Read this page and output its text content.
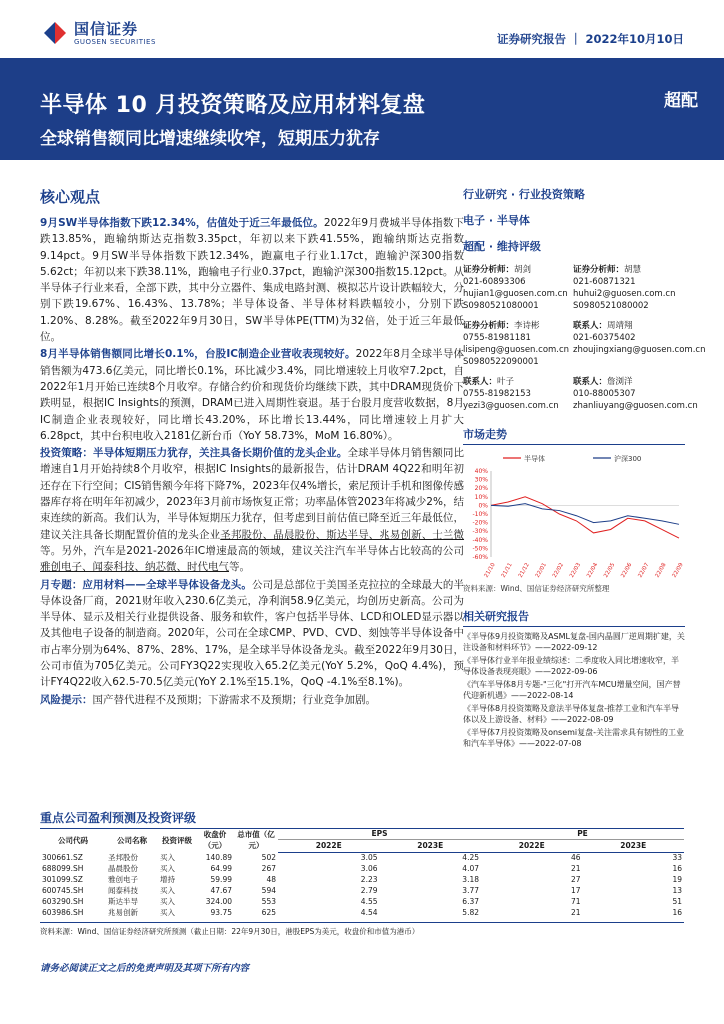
国信证券
GUOSEN SECURITIES	证券研究报告 ｜ 2022年10月10日
半导体 10 月投资策略及应用材料复盘
全球销售额同比增速继续收窄，短期压力犹存
超配
核心观点

9月SW半导体指数下跌12.34%，估值处于近三年最低位。2022年9月费城半导体指数下跌13.85%，跑输纳斯达克指数3.35pct，年初以来下跌41.55%，跑输纳斯达克指数9.14pct。9月SW半导体指数下跌12.34%，跑赢电子行业1.17ct，跑输沪深300指数5.62ct；年初以来下跌38.11%，跑输电子行业0.37pct，跑输沪深300指数15.12pct。从半导体子行业来看，全部下跌，其中分立器件、集成电路封测、模拟芯片设计跌幅较大，分别下跌19.67%、16.43%、13.78%；半导体设备、半导体材料跌幅较小，分别下跌1.20%、8.28%。截至2022年9月30日，SW半导体PE(TTM)为32倍，处于近三年最低位。

8月半导体销售额同比增长0.1%，台股IC制造企业营收表现较好。2022年8月全球半导体销售额为473.6亿美元，同比增长0.1%，环比减少3.4%，同比增速较上月收窄7.2pct，自2022年1月开始已连续8个月收窄。存储合约价和现货价均继续下跌，其中DRAM现货价下跌明显，根据IC Insights的预测，DRAM已进入周期性衰退。基于台股月度营收数据，8月IC制造企业表现较好，同比增长43.20%，环比增长13.44%，同比增速较上月扩大6.28pct，其中台积电收入2181亿新台币（YoY 58.73%，MoM 16.80%）。

投资策略：半导体短期压力犹存，关注具备长期价值的龙头企业。全球半导体月销售额同比增速自1月开始持续8个月收窄，根据IC Insights的最新报告，估计DRAM 4Q22和明年初还存在下行空间；CIS销售额今年将下降7%，2023年仅4%增长，索尼预计手机和图像传感器库存将在明年年初减少，2023年3月前市场恢复正常；功率晶体管2023年将减少2%，结束连续的新高。我们认为，半导体短期压力犹存，但考虑到目前估值已降至近三年最低位，建议关注具备长期配置价值的龙头企业圣邦股份、晶晨股份、斯达半导、兆易创新、士兰微等。另外，汽车是2021-2026年IC增速最高的领域，建议关注汽车半导体占比较高的公司雅创电子、闻泰科技、纳芯微、时代电气等。

月专题：应用材料——全球半导体设备龙头。公司是总部位于美国圣克拉拉的全球最大的半导体设备厂商，2021财年收入230.6亿美元，净利润58.9亿美元，均创历史新高。公司为半导体、显示及相关行业提供设备、服务和软件，客户包括半导体、LCD和OLED显示器以及其他电子设备的制造商。2020年，公司在全球CMP、PVD、CVD、刻蚀等半导体设备中市占率分别为64%、87%、28%、17%，是全球半导体设备龙头。截至2022年9月30日，公司市值为705亿美元。公司FY3Q22实现收入65.2亿美元(YoY 5.2%，QoQ 4.4%)，预计FY4Q22收入62.5-70.5亿美元(YoY 2.1%至15.1%，QoQ -4.1%至8.1%)。

风险提示：国产替代进程不及预期；下游需求不及预期；行业竞争加剧。

行业研究 · 行业投资策略
电子 · 半导体
超配 · 维持评级
证券分析师：胡剑
021-60893306
hujian1@guosen.com.cn
S0980521080001
证券分析师：胡慧
021-60871321
huhui2@guosen.com.cn
S0980521080002
证券分析师：李诗彬
0755-81981181
lisipeng@guosen.com.cn
S0980522090001
联系人：周靖翔
021-60375402
zhoujingxiang@guosen.com.cn
联系人：叶子
0755-81982153
yezi3@guosen.com.cn
联系人：詹浏洋
010-88005307
zhanliuyang@guosen.com.cn
市场走势
半导体	沪深300
40%
30%
20%
10%
0%
-10%
-20%
-30%
-40%
-50%
-60%
21/10 21/11 21/12 22/01 22/02 22/03 22/04 22/05 22/06 22/07 22/08 22/09
资料来源：Wind、国信证券经济研究所整理
相关研究报告
《半导体9月投资策略及ASML复盘-国内晶圆厂逆周期扩建，关注设备和材料环节》——2022-09-12
《半导体行业半年报业绩综述：二季度收入同比增速收窄，半导体设备表现亮眼》——2022-09-06
《汽车半导体8月专题-"三化"打开汽车MCU增量空间，国产替代迎新机遇》——2022-08-14
《半导体8月投资策略及意法半导体复盘-推荐工业和汽车半导体以及上游设备、材料》——2022-08-09
《半导体7月投资策略及onsemi复盘-关注需求具有韧性的工业和汽车半导体》——2022-07-08
重点公司盈利预测及投资评级
公司代码	公司名称	投资评级	收盘价（元）	总市值（亿元）	EPS		PE	
					2022E	2023E	2022E	2023E
300661.SZ	圣邦股份	买入	140.89	502	3.05	4.25	46	33
688099.SH	晶晨股份	买入	64.99	267	3.06	4.07	21	16
301099.SZ	雅创电子	增持	59.99	48	2.23	3.18	27	19
600745.SH	闻泰科技	买入	47.67	594	2.79	3.77	17	13
603290.SH	斯达半导	买入	324.00	553	4.55	6.37	71	51
603986.SH	兆易创新	买入	93.75	625	4.54	5.82	21	16
资料来源：Wind、国信证券经济研究所预测（截止日期：22年9月30日，港股EPS为美元，收盘价和市值为港币）
请务必阅读正文之后的免责声明及其项下所有内容
